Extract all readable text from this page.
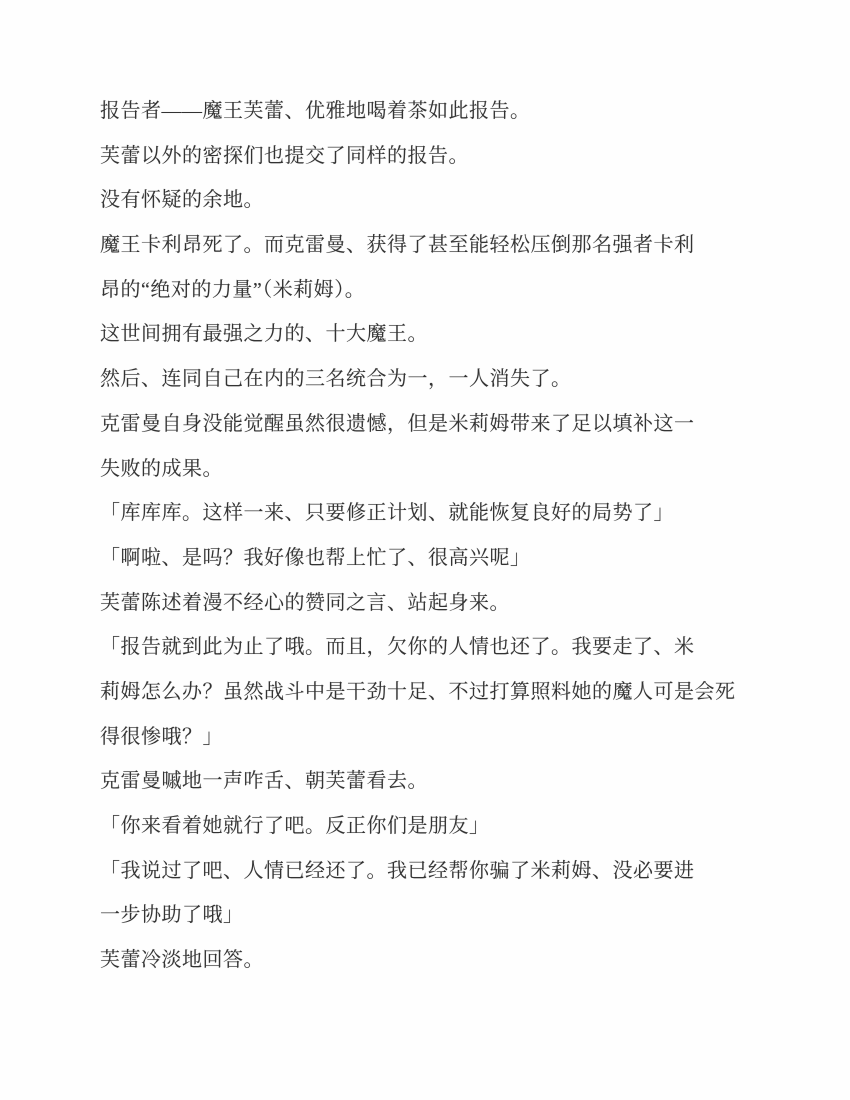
报告者——魔王芙蕾、优雅地喝着茶如此报告。
芙蕾以外的密探们也提交了同样的报告。
没有怀疑的余地。
魔王卡利昂死了。而克雷曼、获得了甚至能轻松压倒那名强者卡利
昂的“绝对的力量”（米莉姆）。
这世间拥有最强之力的、十大魔王。
然后、连同自己在内的三名统合为一，一人消失了。
克雷曼自身没能觉醒虽然很遗憾，但是米莉姆带来了足以填补这一
失败的成果。
「库库库。这样一来、只要修正计划、就能恢复良好的局势了」
「啊啦、是吗？我好像也帮上忙了、很高兴呢」
芙蕾陈述着漫不经心的赞同之言、站起身来。
「报告就到此为止了哦。而且，欠你的人情也还了。我要走了、米
莉姆怎么办？虽然战斗中是干劲十足、不过打算照料她的魔人可是会死
得很惨哦？」
克雷曼嘁地一声咋舌、朝芙蕾看去。
「你来看着她就行了吧。反正你们是朋友」
「我说过了吧、人情已经还了。我已经帮你骗了米莉姆、没必要进
一步协助了哦」
芙蕾冷淡地回答。
